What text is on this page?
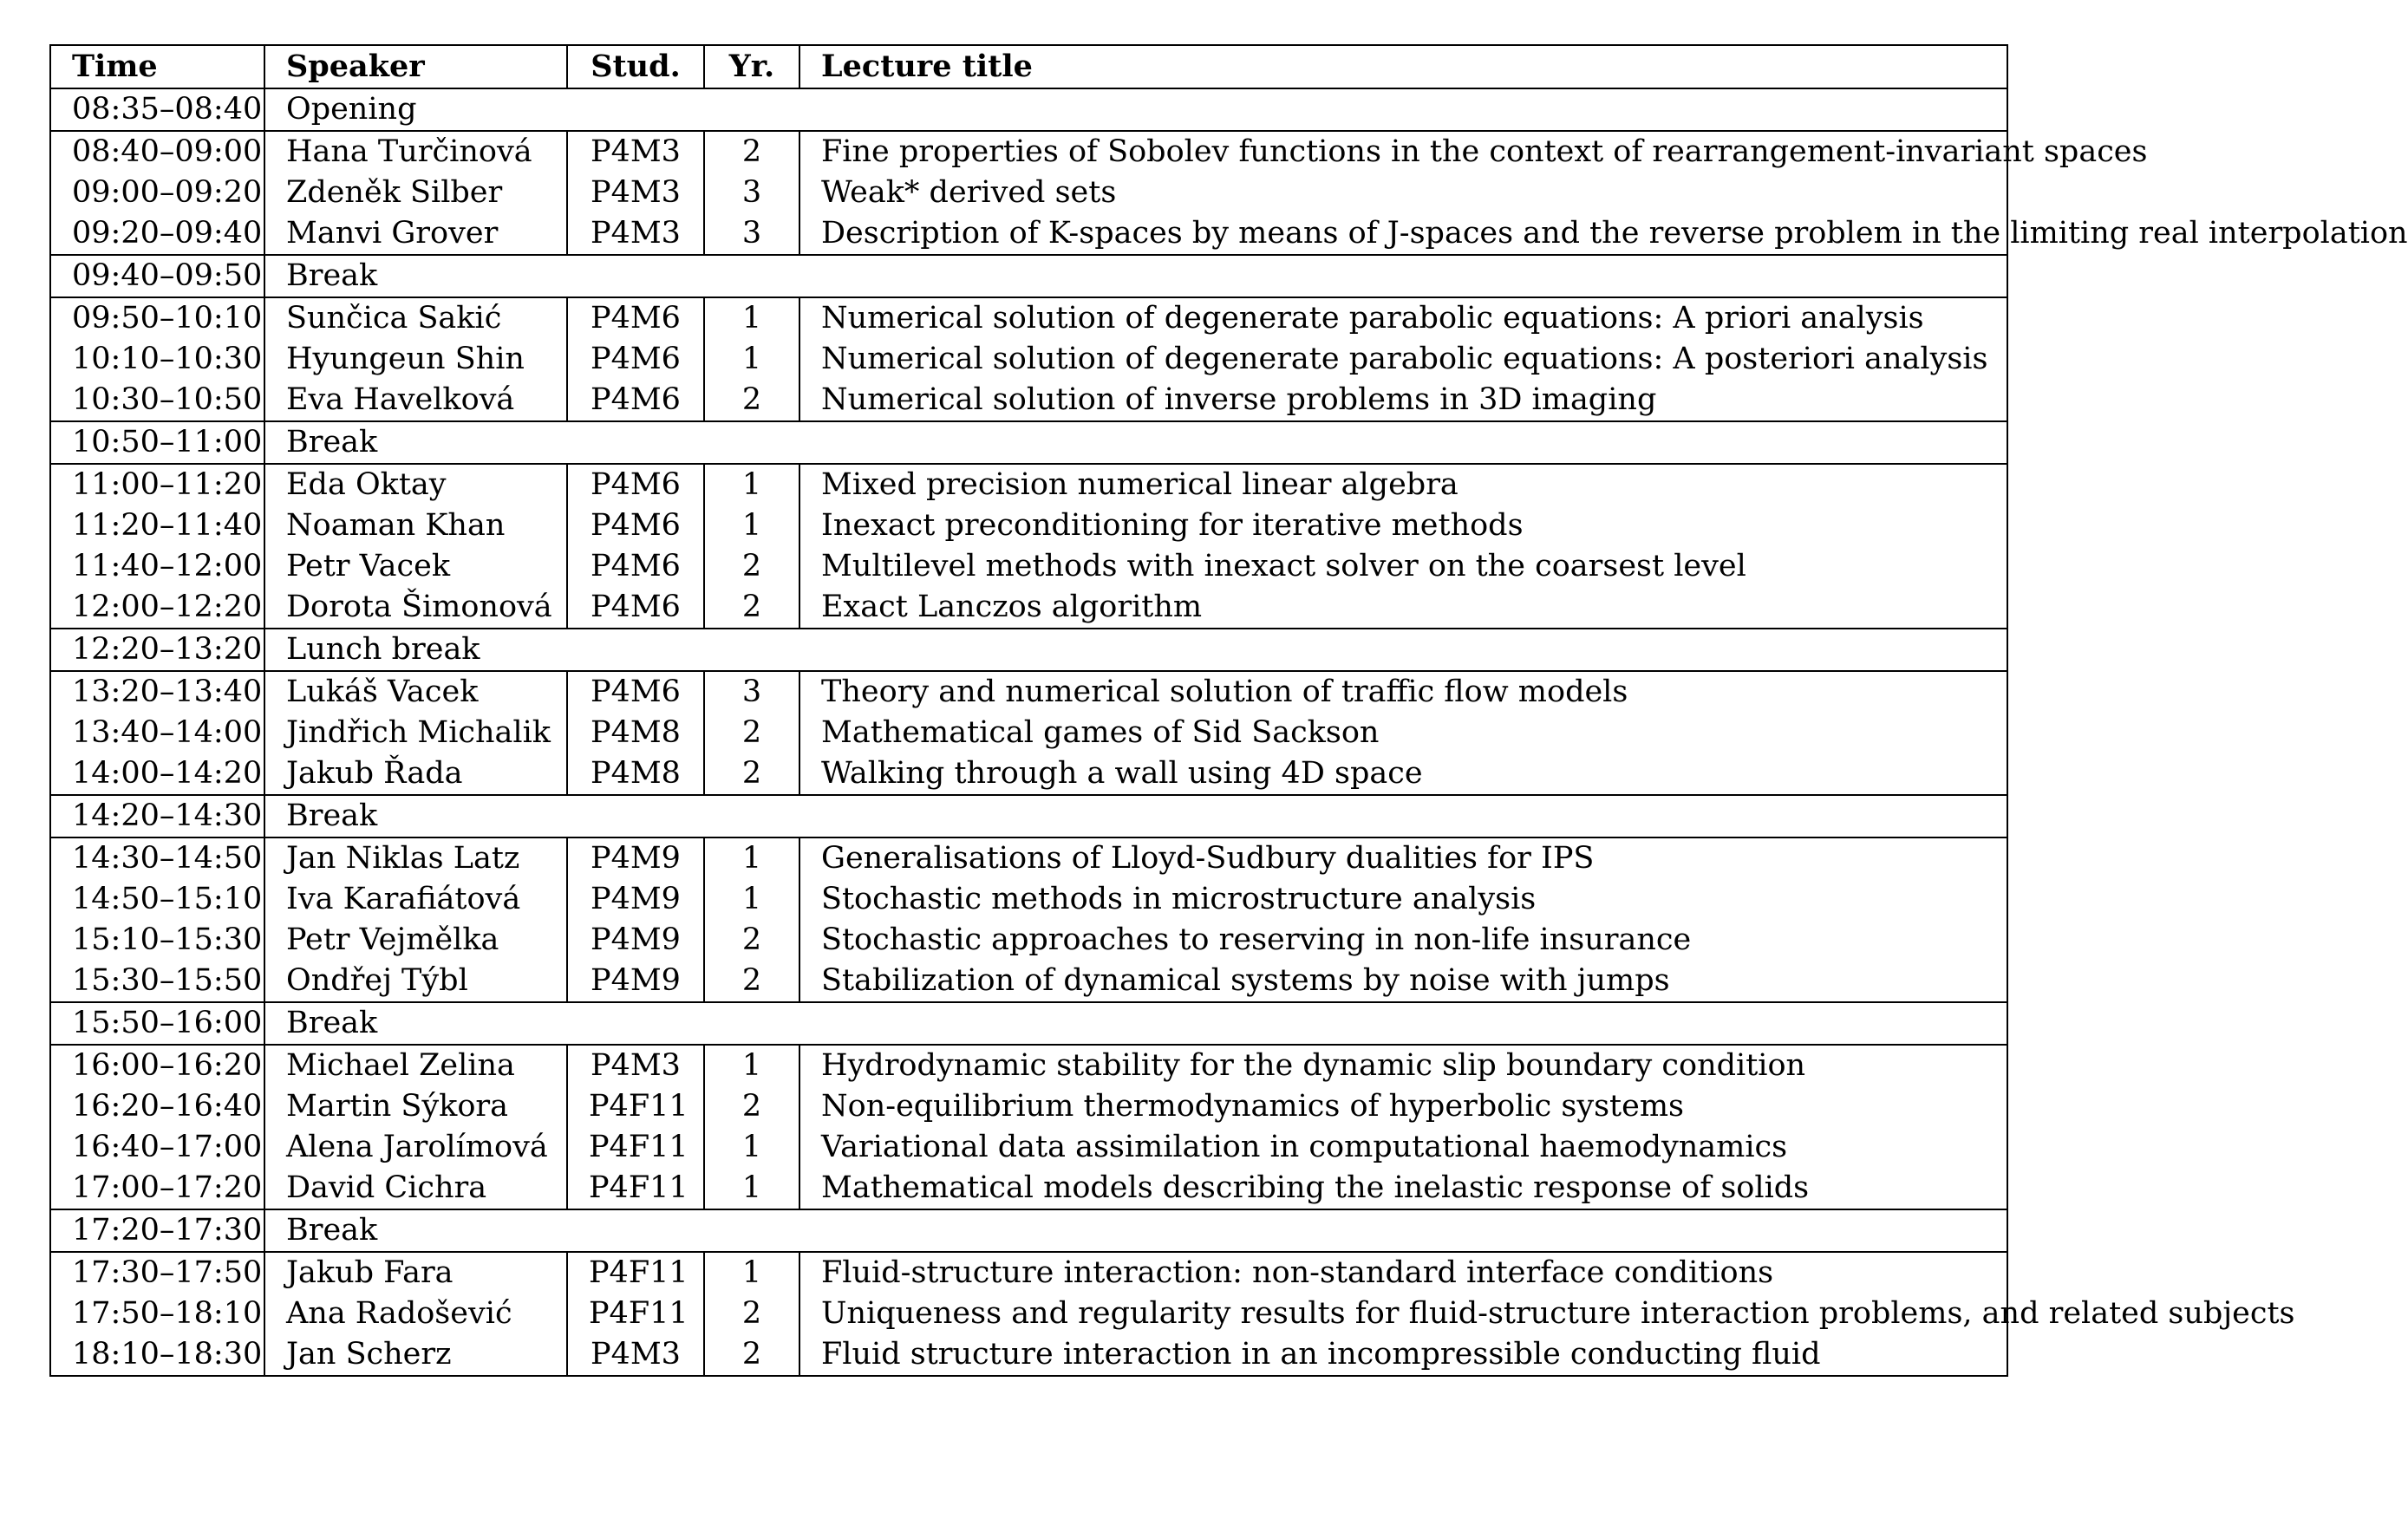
Time	Speaker	Stud.	Yr.	Lecture title
08:35–08:40	Opening			
08:40–09:00	Hana Turčinová	P4M3	2	Fine properties of Sobolev functions in the context of rearrangement-invariant spaces
09:00–09:20	Zdeněk Silber	P4M3	3	Weak* derived sets
09:20–09:40	Manvi Grover	P4M3	3	Description of K-spaces by means of J-spaces and the reverse problem in the limiting real interpolation
09:40–09:50	Break			
09:50–10:10	Sunčica Sakić	P4M6	1	Numerical solution of degenerate parabolic equations: A priori analysis
10:10–10:30	Hyungeun Shin	P4M6	1	Numerical solution of degenerate parabolic equations: A posteriori analysis
10:30–10:50	Eva Havelková	P4M6	2	Numerical solution of inverse problems in 3D imaging
10:50–11:00	Break			
11:00–11:20	Eda Oktay	P4M6	1	Mixed precision numerical linear algebra
11:20–11:40	Noaman Khan	P4M6	1	Inexact preconditioning for iterative methods
11:40–12:00	Petr Vacek	P4M6	2	Multilevel methods with inexact solver on the coarsest level
12:00–12:20	Dorota Šimonová	P4M6	2	Exact Lanczos algorithm
12:20–13:20	Lunch break			
13:20–13:40	Lukáš Vacek	P4M6	3	Theory and numerical solution of traffic flow models
13:40–14:00	Jindřich Michalik	P4M8	2	Mathematical games of Sid Sackson
14:00–14:20	Jakub Řada	P4M8	2	Walking through a wall using 4D space
14:20–14:30	Break			
14:30–14:50	Jan Niklas Latz	P4M9	1	Generalisations of Lloyd-Sudbury dualities for IPS
14:50–15:10	Iva Karafiátová	P4M9	1	Stochastic methods in microstructure analysis
15:10–15:30	Petr Vejmělka	P4M9	2	Stochastic approaches to reserving in non-life insurance
15:30–15:50	Ondřej Týbl	P4M9	2	Stabilization of dynamical systems by noise with jumps
15:50–16:00	Break			
16:00–16:20	Michael Zelina	P4M3	1	Hydrodynamic stability for the dynamic slip boundary condition
16:20–16:40	Martin Sýkora	P4F11	2	Non-equilibrium thermodynamics of hyperbolic systems
16:40–17:00	Alena Jarolímová	P4F11	1	Variational data assimilation in computational haemodynamics
17:00–17:20	David Cichra	P4F11	1	Mathematical models describing the inelastic response of solids
17:20–17:30	Break			
17:30–17:50	Jakub Fara	P4F11	1	Fluid-structure interaction: non-standard interface conditions
17:50–18:10	Ana Radošević	P4F11	2	Uniqueness and regularity results for fluid-structure interaction problems, and related subjects
18:10–18:30	Jan Scherz	P4M3	2	Fluid structure interaction in an incompressible conducting fluid
